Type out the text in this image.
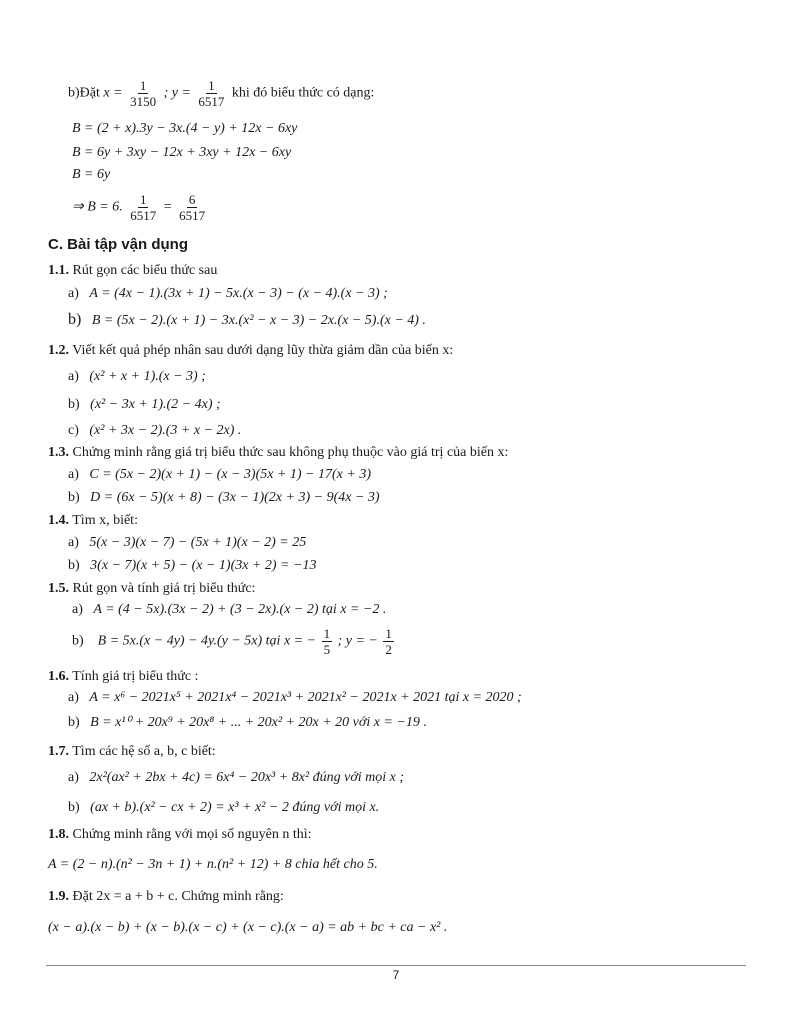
b)Đặt $x = \frac{1}{3150}$ ; $y = \frac{1}{6517}$ khi đó biểu thức có dạng:
B = (2 + x).3y − 3x.(4 − y) + 12x − 6xy
B = 6y + 3xy − 12x + 3xy + 12x − 6xy
B = 6y
⇒ B = 6. $\frac{1}{6517} = \frac{6}{6517}$
C. Bài tập vận dụng
1.1. Rút gọn các biểu thức sau
a) A = (4x − 1).(3x + 1) − 5x.(x − 3) − (x − 4).(x − 3) ;
b) B = (5x − 2).(x + 1) − 3x.(x² − x − 3) − 2x.(x − 5).(x − 4) .
1.2. Viết kết quả phép nhân sau dưới dạng lũy thừa giảm dần của biến x:
a) (x² + x + 1).(x − 3) ;
b) (x² − 3x + 1).(2 − 4x) ;
c) (x² + 3x − 2).(3 + x − 2x) .
1.3. Chứng minh rằng giá trị biểu thức sau không phụ thuộc vào giá trị của biến x:
a) C = (5x − 2)(x + 1) − (x − 3)(5x + 1) − 17(x + 3)
b) D = (6x − 5)(x + 8) − (3x − 1)(2x + 3) − 9(4x − 3)
1.4. Tìm x, biết:
a) 5(x − 3)(x − 7) − (5x + 1)(x − 2) = 25
b) 3(x − 7)(x + 5) − (x − 1)(3x + 2) = −13
1.5. Rút gọn và tính giá trị biểu thức:
a) A = (4 − 5x).(3x − 2) + (3 − 2x).(x − 2) tại x = −2 .
b) B = 5x.(x − 4y) − 4y.(y − 5x) tại x = − $\frac{1}{5}$ ; y = − $\frac{1}{2}$
1.6. Tính giá trị biểu thức :
a) A = x⁶ − 2021x⁵ + 2021x⁴ − 2021x³ + 2021x² − 2021x + 2021 tại x = 2020 ;
b) B = x¹⁰ + 20x⁹ + 20x⁸ + ... + 20x² + 20x + 20 với x = −19 .
1.7. Tìm các hệ số a, b, c biết:
a) 2x²(ax² + 2bx + 4c) = 6x⁴ − 20x³ + 8x² đúng với mọi x ;
b) (ax + b).(x² − cx + 2) = x³ + x² − 2 đúng với mọi x.
1.8. Chứng minh rằng với mọi số nguyên n thì:
A = (2 − n).(n² − 3n + 1) + n.(n² + 12) + 8 chia hết cho 5.
1.9. Đặt 2x = a + b + c. Chứng minh rằng:
(x − a).(x − b) + (x − b).(x − c) + (x − c).(x − a) = ab + bc + ca − x² .
7
